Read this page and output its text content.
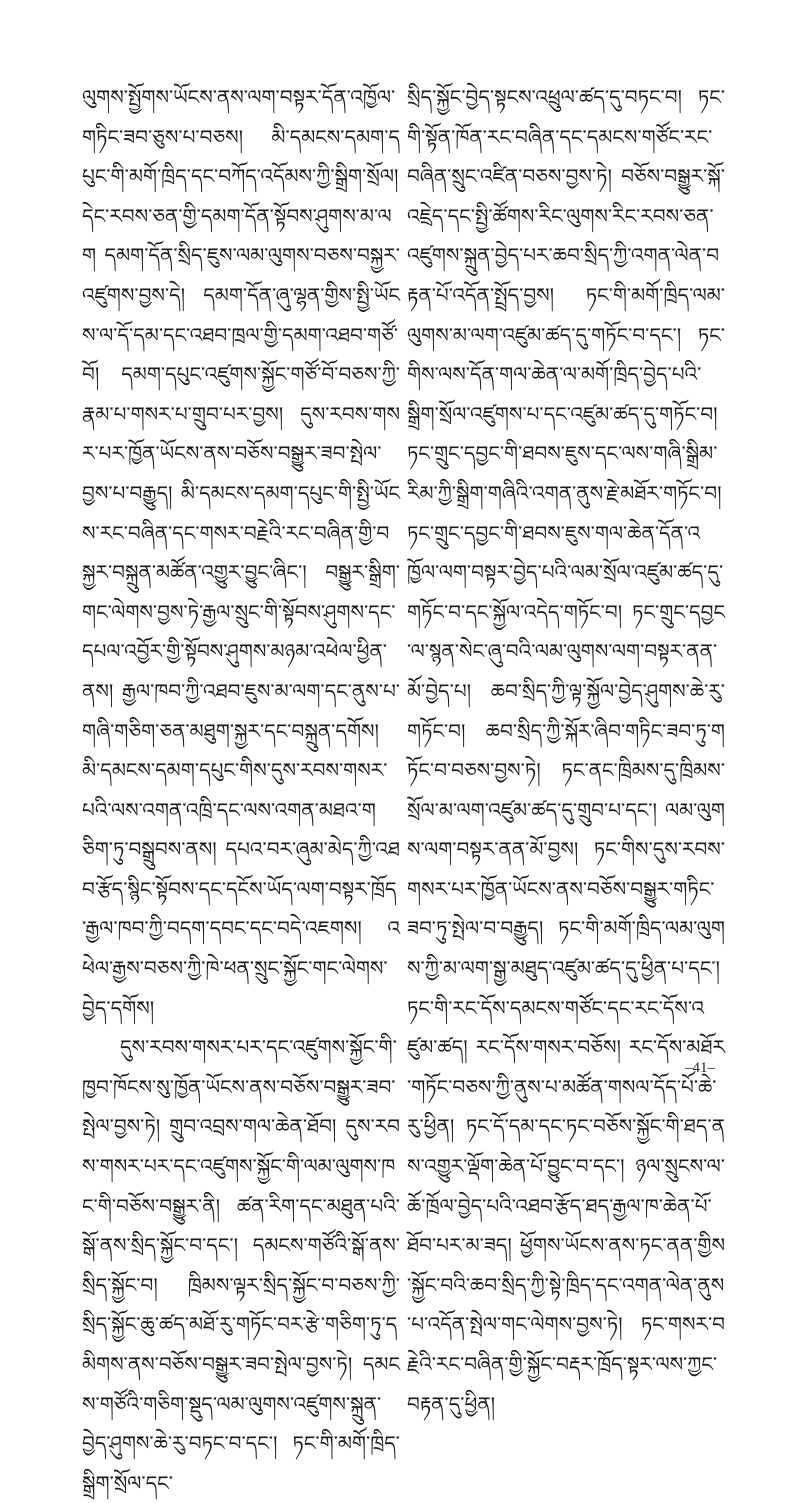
ལུགས་སྤྱོགས་ཡོངས་ནས་ལག་བསྟར་དོན་འཁྱོལ་གཏིང་ཟབ་ཅུས་པ་བཅས། མི་དམངས་དམག་དཔུང་གི་མགོ་ཁྲིད་དང་བཀོད་འདོམས་ཀྱི་སྒྲིག་སྲོལ། དེང་རབས་ཅན་གྱི་དམག་དོན་སྟོབས་ཤུགས་མ་ལག དམག་དོན་སྲིད་ཇུས་ལམ་ལུགས་བཅས་བསྐྱར་འཛུགས་བྱས་དེ། དམག་དོན་ཞུ་ལྷན་གྱིས་སྤྱི་ཡོངས་ལ་དོ་དམ་དང་འཐབ་ཁྲལ་གྱི་དམག་འཐབ་གཙོ་བོ། དམག་དཔུང་འཛུགས་སྐྱོང་གཙོ་བོ་བཅས་ཀྱི་རྣམ་པ་གསར་པ་གྲུབ་པར་བྱས། དུས་རབས་གསར་པར་ཁྱོན་ཡོངས་ནས་བཅོས་བསྒྱུར་ཟབ་སྤེལ་བྱས་པ་བརྒྱུད། མི་དམངས་དམག་དཔུང་གི་སྤྱི་ཡོངས་རང་བཞིན་དང་གསར་བརྗེའི་རང་བཞིན་གྱི་བསྐྱར་བསྐྲུན་མཚོན་འགྱུར་བྱུང་ཞིང་། བསྒྱུར་སྒྲིག་གང་ལེགས་བྱས་ཏེ་རྒྱལ་སྲུང་གི་སྟོབས་ཤུགས་དང་དཔལ་འབྱོར་གྱི་སྟོབས་ཤུགས་མཉམ་འཕེལ་ཕྱིན་ནས། རྒྱལ་ཁབ་ཀྱི་འཐབ་ཇུས་མ་ལག་དང་ནུས་པ་གཞི་གཅིག་ཅན་མཐུག་སྐྱར་དང་བསྐྲུན་དགོས། མི་དམངས་དམག་དཔུང་གིས་དུས་རབས་གསར་པའི་ལས་འགན་འཁྲི་དང་ལས་འགན་མཐའ་གཅིག་ཏུ་བསྒྲུབས་ནས། དཔའ་བར་ཞུམ་མེད་ཀྱི་འཐབ་རྩོད་སྙིང་སྟོབས་དང་དངོས་ཡོད་ལག་བསྟར་ཁྲོད་རྒྱལ་ཁབ་ཀྱི་བདག་དབང་དང་བདེ་འཇགས། འཕེལ་རྒྱས་བཅས་ཀྱི་ཁེ་ཕན་སྲུང་སྐྱོང་གང་ལེགས་བྱེད་དགོས།

དུས་རབས་གསར་པར་དང་འཛུགས་སྐྱོང་གི་ཁྱབ་ཁོངས་སུ་ཁྱོན་ཡོངས་ནས་བཅོས་བསྒྱུར་ཟབ་སྤེལ་བྱས་ཏེ། གྲུབ་འབྲས་གལ་ཆེན་ཐོབ། དུས་རབས་གསར་པར་དང་འཛུགས་སྐྱོང་གི་ལམ་ལུགས་ཁང་གི་བཅོས་བསྒྱུར་ནི། ཚན་རིག་དང་མཐུན་པའི་སྒོ་ནས་སྲིད་སྐྱོང་བ་དང་། དམངས་གཙོའི་སྒོ་ནས་སྲིད་སྐྱོང་བ། ཁྲིམས་ལྟར་སྲིད་སྐྱོང་བ་བཅས་ཀྱི་སྲིད་སྐྱོང་ཆུ་ཚད་མཐོ་རུ་གཏོང་བར་རྩེ་གཅིག་ཏུ་དམིགས་ནས་བཅོས་བསྒྱུར་ཟབ་སྤེལ་བྱས་ཏེ། དམངས་གཙོའི་གཅིག་སྡུད་ལམ་ལུགས་འཛུགས་སྐྲུན་བྱེད་ཤུགས་ཆེ་རུ་བཏང་བ་དང་། ཏང་གི་མགོ་ཁྲིད་སྒྲིག་སྲོལ་དང་

སྲིད་སྐྱོང་བྱེད་སྟངས་འཕྲུལ་ཚད་དུ་བཏང་བ། ཏང་གི་སྟོན་ཁོན་རང་བཞིན་དང་དམངས་གཙོང་རང་བཞིན་སྲུང་འཛིན་བཅས་བྱས་ཏེ། བཅོས་བསྒྱུར་སྐོ་འཇྲེད་དང་སྤྱི་ཚོགས་རིང་ལུགས་རིང་རབས་ཅན་འཛུགས་སྐྲུན་བྱེད་པར་ཆབ་སྲིད་ཀྱི་འགན་ལེན་བརྟན་པོ་འདོན་སྤྲོད་བྱས། ཏང་གི་མགོ་ཁྲིད་ལམ་ལུགས་མ་ལག་འཛུམ་ཚད་དུ་གཏོང་བ་དང་། ཏང་གིས་ལས་དོན་གལ་ཆེན་ལ་མགོ་ཁྲིད་བྱེད་པའི་སྒྲིག་སྲོལ་འཛུགས་པ་དང་འཛུམ་ཚད་དུ་གཏོང་བ། ཏང་གྲུང་དབྱང་གི་ཐབས་ཇུས་དང་ལས་གཞི་སྒྲིམ་རིམ་ཀྱི་སྒྲིག་གཞིའི་འགན་ནུས་རྗེ་མཐོར་གཏོང་བ། ཏང་གྲུང་དབྱང་གི་ཐབས་ཇུས་གལ་ཆེན་དོན་འཁྱོལ་ལག་བསྟར་བྱེད་པའི་ལམ་སྲོལ་འཛུམ་ཚད་དུ་གཏོང་བ་དང་སྐྱོལ་འདེད་གཏོང་བ། ཏང་གྲུང་དབྱང་ལ་སྙན་སེང་ཞུ་བའི་ལམ་ལུགས་ལག་བསྟར་ནན་མོ་བྱེད་པ། ཆབ་སྲིད་ཀྱི་ལྟ་སྐྱོལ་བྱེད་ཤུགས་ཆེ་རུ་གཏོང་བ། ཆབ་སྲིད་ཀྱི་སྐོར་ཞིབ་གཏིང་ཟབ་ཏུ་གཏོང་བ་བཅས་བྱས་ཏེ། ཏང་ནང་ཁྲིམས་དུ་ཁྲིམས་སྲོལ་མ་ལག་འཛུམ་ཚད་དུ་གྲུབ་པ་དང་། ལམ་ལུགས་ལག་བསྟར་ནན་མོ་བྱས། ཏང་གིས་དུས་རབས་གསར་པར་ཁྱོན་ཡོངས་ནས་བཅོས་བསྒྱུར་གཏིང་ཟབ་ཏུ་སྤེལ་བ་བརྒྱུད། ཏང་གི་མགོ་ཁྲིད་ལམ་ལུགས་ཀྱི་མ་ལག་སྒྱ་མཐུད་འཛུམ་ཚད་དུ་ཕྱིན་པ་དང་། ཏང་གི་རང་དོས་དམངས་གཙོང་དང་རང་དོས་འཛུམ་ཚད། རང་དོས་གསར་བཅོས། རང་དོས་མཐོར་གཏོང་བཅས་ཀྱི་ནུས་པ་མཚོན་གསལ་དོད་པོ་ཆེ་རུ་ཕྱིན། ཏང་དོ་དམ་དང་ཏང་བཅོས་སྐྱོང་གི་ཐད་ནས་འགྱུར་ལྡོག་ཆེན་པོ་བྱུང་བ་དང་། ཉལ་སྲུངས་ལ་ཆོ་ཁྲོལ་བྱེད་པའི་འཐབ་རྩོད་ཐད་རྒྱལ་ཁ་ཆེན་པོ་ཐོབ་པར་མ་ཟད། ཕྱོགས་ཡོངས་ནས་ཏང་ནན་གྱིས་སྐྱོང་བའི་ཆབ་སྲིད་ཀྱི་སྟེ་ཁྲིད་དང་འགན་ལེན་ནུས་པ་འདོན་སྤེལ་གང་ལེགས་བྱས་ཏེ། ཏང་གསར་བརྗེའི་རང་བཞིན་གྱི་སྐྱོང་བརྡར་ཁྲོད་སྟར་ལས་ཀྱང་བརྟན་དུ་ཕྱིན།

–41–
